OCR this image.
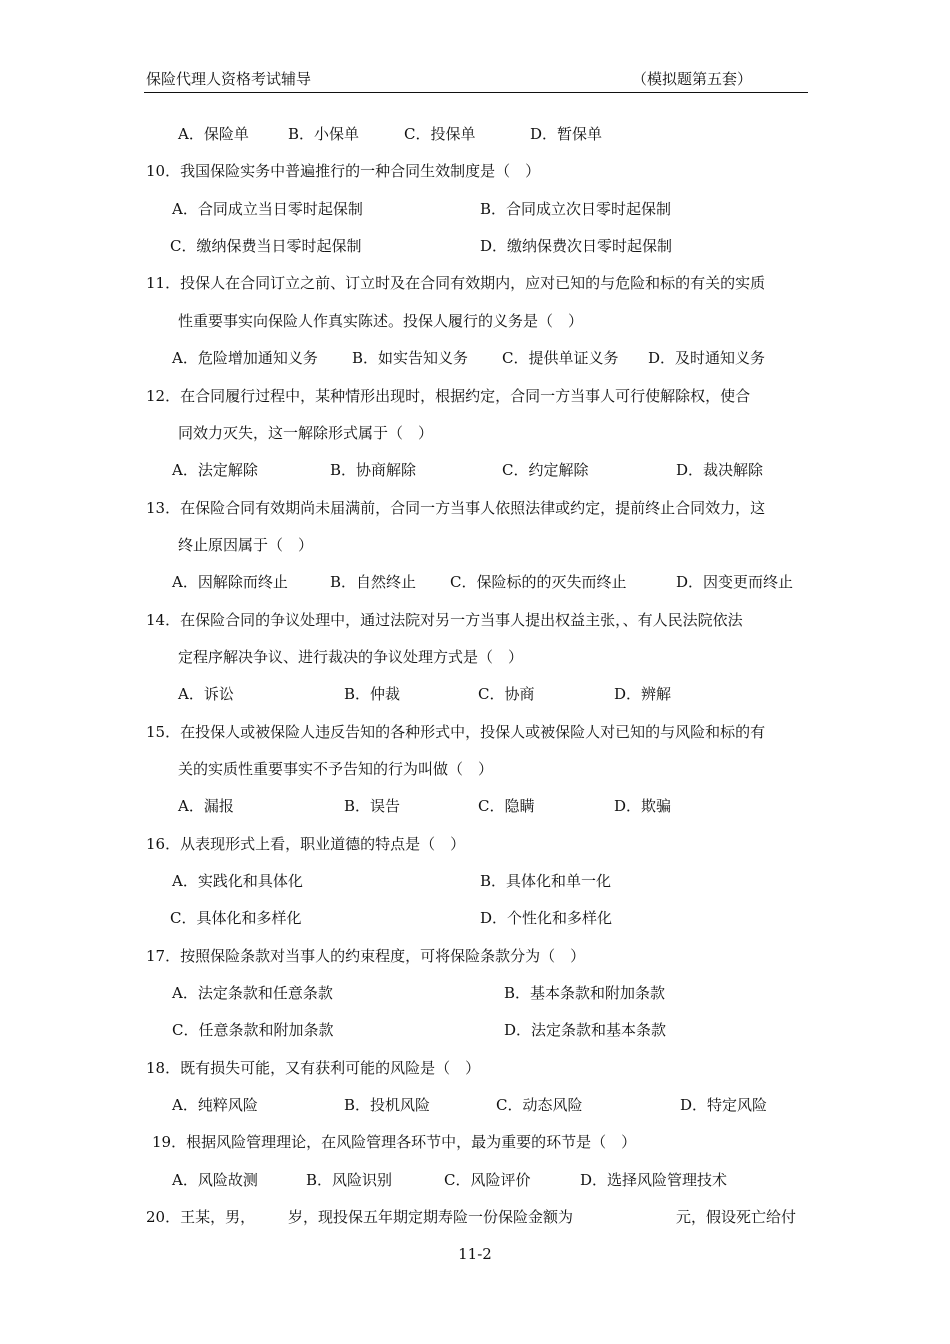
保险代理人资格考试辅导	（模拟题第五套）
A．保险单	B．小保单	C．投保单	D．暂保单
10．我国保险实务中普遍推行的一种合同生效制度是（　）
A．合同成立当日零时起保制	B．合同成立次日零时起保制
C．缴纳保费当日零时起保制	D．缴纳保费次日零时起保制
11．投保人在合同订立之前、订立时及在合同有效期内，应对已知的与危险和标的有关的实质
性重要事实向保险人作真实陈述。投保人履行的义务是（　）
A．危险增加通知义务 B．如实告知义务 C．提供单证义务 D．及时通知义务
12．在合同履行过程中，某种情形出现时，根据约定，合同一方当事人可行使解除权，使合
同效力灭失，这一解除形式属于（　）
A．法定解除	B．协商解除	C．约定解除	D．裁决解除
13．在保险合同有效期尚未届满前，合同一方当事人依照法律或约定，提前终止合同效力，这
终止原因属于（　）
A．因解除而终止	B．自然终止 C．保险标的的灭失而终止	D．因变更而终止
14．在保险合同的争议处理中，通过法院对另一方当事人提出权益主张，、有人民法院依法
定程序解决争议、进行裁决的争议处理方式是（　）
A．诉讼	B．仲裁	C．协商	D．辨解
15．在投保人或被保险人违反告知的各种形式中，投保人或被保险人对已知的与风险和标的有
关的实质性重要事实不予告知的行为叫做（　）
A．漏报	B．误告	C．隐瞒	D．欺骗
16．从表现形式上看，职业道德的特点是（　）
A．实践化和具体化	B．具体化和单一化
C．具体化和多样化	D．个性化和多样化
17．按照保险条款对当事人的约束程度，可将保险条款分为（　）
A．法定条款和任意条款	B．基本条款和附加条款
C．任意条款和附加条款	D．法定条款和基本条款
18．既有损失可能，又有获利可能的风险是（　）
A．纯粹风险	B．投机风险	C．动态风险	D．特定风险
19．根据风险管理理论，在风险管理各环节中，最为重要的环节是（　）
A．风险故测	B．风险识别	C．风险评价	D．选择风险管理技术
20．王某，男， 岁，现投保五年期定期寿险一份保险金额为	元，假设死亡给付
11-2
